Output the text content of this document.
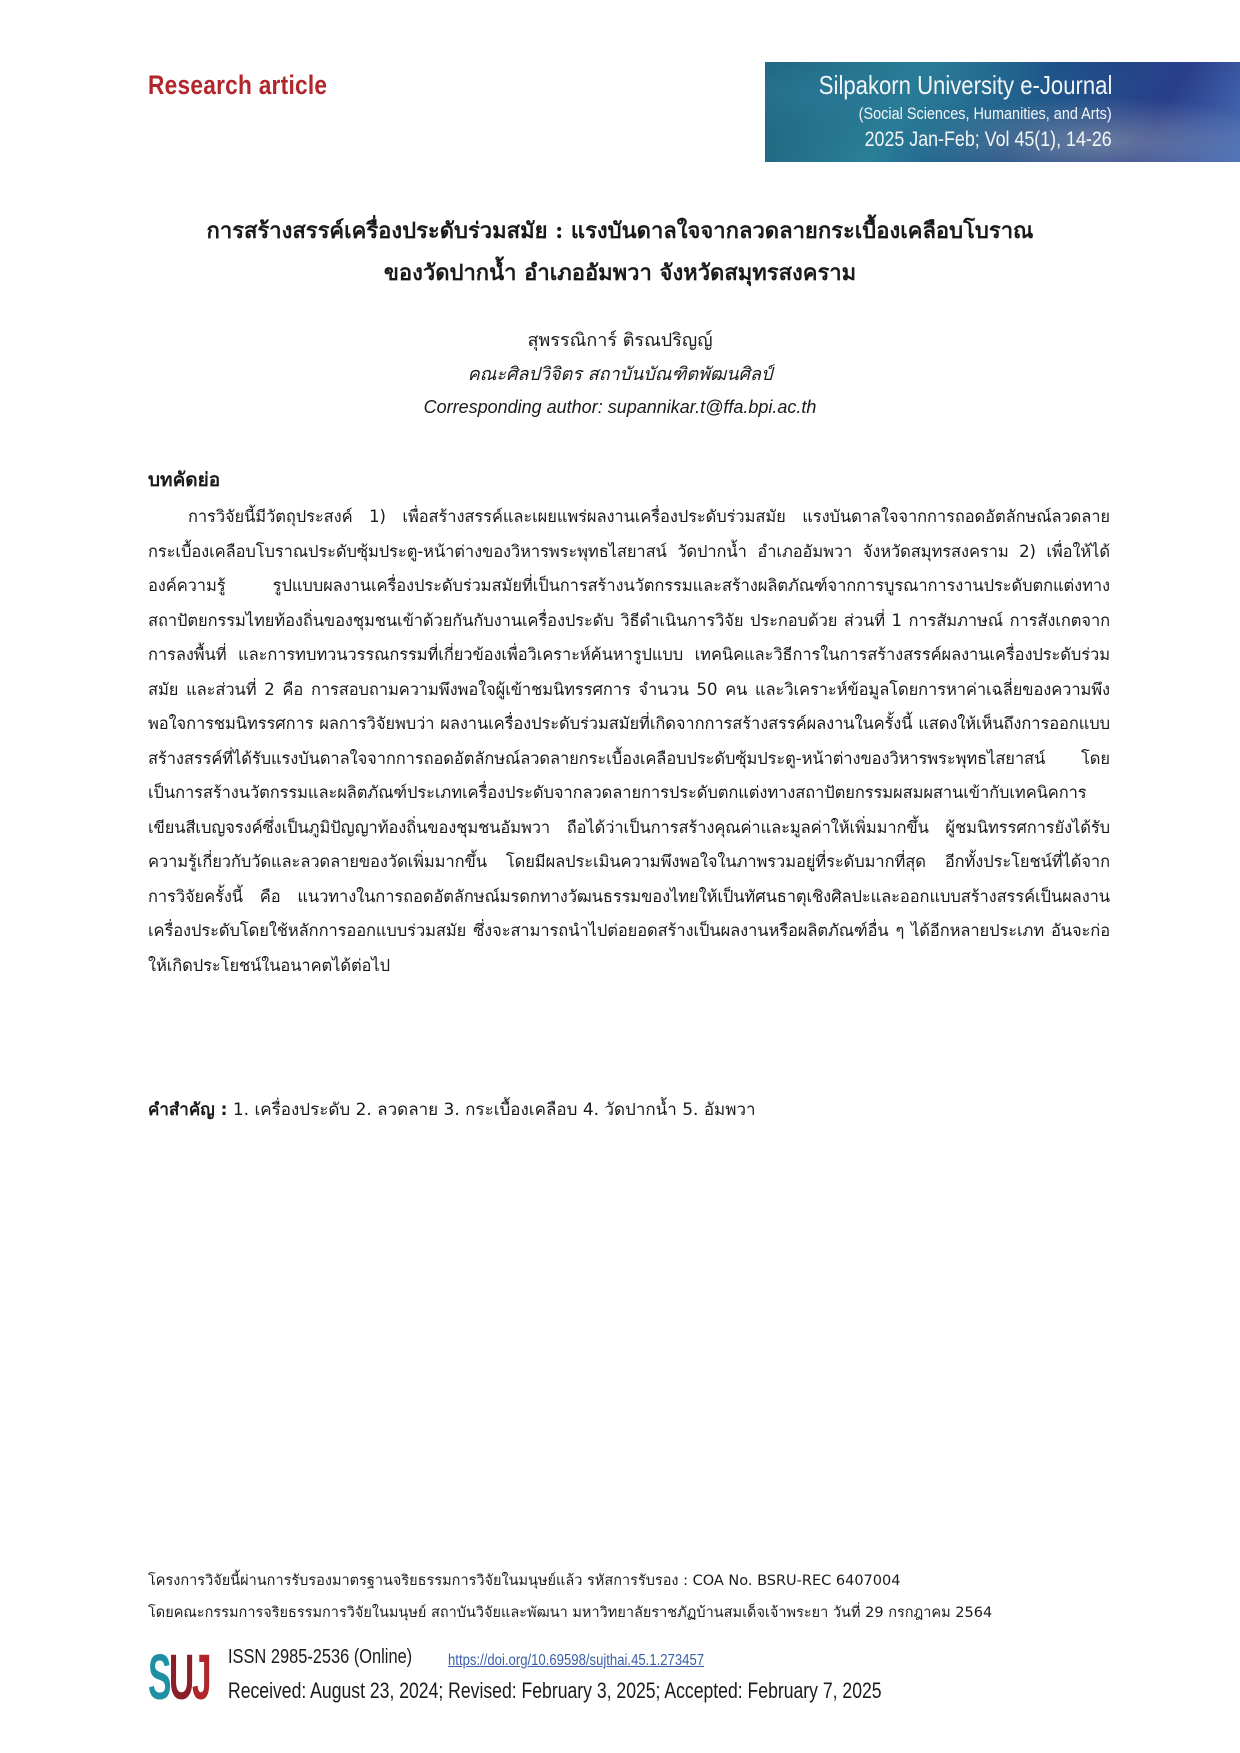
Research article	Silpakorn University e-Journal
(Social Sciences, Humanities, and Arts)
2025 Jan-Feb; Vol 45(1), 14-26
การสร้างสรรค์เครื่องประดับร่วมสมัย : แรงบันดาลใจจากลวดลายกระเบื้องเคลือบโบราณ
ของวัดปากน้ำ อำเภออัมพวา จังหวัดสมุทรสงคราม
สุพรรณิการ์ ติรณปริญญ์
คณะศิลปวิจิตร สถาบันบัณฑิตพัฒนศิลป์
Corresponding author: supannikar.t@ffa.bpi.ac.th
บทคัดย่อ
การวิจัยนี้มีวัตถุประสงค์ 1) เพื่อสร้างสรรค์และเผยแพร่ผลงานเครื่องประดับร่วมสมัย แรงบันดาลใจจากการถอดอัตลักษณ์ลวดลายกระเบื้องเคลือบโบราณประดับซุ้มประตู-หน้าต่างของวิหารพระพุทธไสยาสน์ วัดปากน้ำ อำเภออัมพวา จังหวัดสมุทรสงคราม 2) เพื่อให้ได้องค์ความรู้ รูปแบบผลงานเครื่องประดับร่วมสมัยที่เป็นการสร้างนวัตกรรมและสร้างผลิตภัณฑ์จากการบูรณาการงานประดับตกแต่งทางสถาปัตยกรรมไทยท้องถิ่นของชุมชนเข้าด้วยกันกับงานเครื่องประดับ วิธีดำเนินการวิจัย ประกอบด้วย ส่วนที่ 1 การสัมภาษณ์ การสังเกตจากการลงพื้นที่ และการทบทวนวรรณกรรมที่เกี่ยวข้องเพื่อวิเคราะห์ค้นหารูปแบบ เทคนิคและวิธีการในการสร้างสรรค์ผลงานเครื่องประดับร่วมสมัย และส่วนที่ 2 คือ การสอบถามความพึงพอใจผู้เข้าชมนิทรรศการ จำนวน 50 คน และวิเคราะห์ข้อมูลโดยการหาค่าเฉลี่ยของความพึงพอใจการชมนิทรรศการ ผลการวิจัยพบว่า ผลงานเครื่องประดับร่วมสมัยที่เกิดจากการสร้างสรรค์ผลงานในครั้งนี้ แสดงให้เห็นถึงการออกแบบสร้างสรรค์ที่ได้รับแรงบันดาลใจจากการถอดอัตลักษณ์ลวดลายกระเบื้องเคลือบประดับซุ้มประตู-หน้าต่างของวิหารพระพุทธไสยาสน์ โดยเป็นการสร้างนวัตกรรมและผลิตภัณฑ์ประเภทเครื่องประดับจากลวดลายการประดับตกแต่งทางสถาปัตยกรรมผสมผสานเข้ากับเทคนิคการเขียนสีเบญจรงค์ซึ่งเป็นภูมิปัญญาท้องถิ่นของชุมชนอัมพวา ถือได้ว่าเป็นการสร้างคุณค่าและมูลค่าให้เพิ่มมากขึ้น ผู้ชมนิทรรศการยังได้รับความรู้เกี่ยวกับวัดและลวดลายของวัดเพิ่มมากขึ้น โดยมีผลประเมินความพึงพอใจในภาพรวมอยู่ที่ระดับมากที่สุด อีกทั้งประโยชน์ที่ได้จากการวิจัยครั้งนี้ คือ แนวทางในการถอดอัตลักษณ์มรดกทางวัฒนธรรมของไทยให้เป็นทัศนธาตุเชิงศิลปะและออกแบบสร้างสรรค์เป็นผลงานเครื่องประดับโดยใช้หลักการออกแบบร่วมสมัย ซึ่งจะสามารถนำไปต่อยอดสร้างเป็นผลงานหรือผลิตภัณฑ์อื่น ๆ ได้อีกหลายประเภท อันจะก่อให้เกิดประโยชน์ในอนาคตได้ต่อไป
คำสำคัญ : 1. เครื่องประดับ 2. ลวดลาย 3. กระเบื้องเคลือบ 4. วัดปากน้ำ 5. อัมพวา
โครงการวิจัยนี้ผ่านการรับรองมาตรฐานจริยธรรมการวิจัยในมนุษย์แล้ว รหัสการรับรอง : COA No. BSRU-REC 6407004
โดยคณะกรรมการจริยธรรมการวิจัยในมนุษย์ สถาบันวิจัยและพัฒนา มหาวิทยาลัยราชภัฏบ้านสมเด็จเจ้าพระยา วันที่ 29 กรกฎาคม 2564
S
U
J ISSN 2985-2536 (Online) https://doi.org/10.69598/sujthai.45.1.273457
Received: August 23, 2024; Revised: February 3, 2025; Accepted: February 7, 2025
